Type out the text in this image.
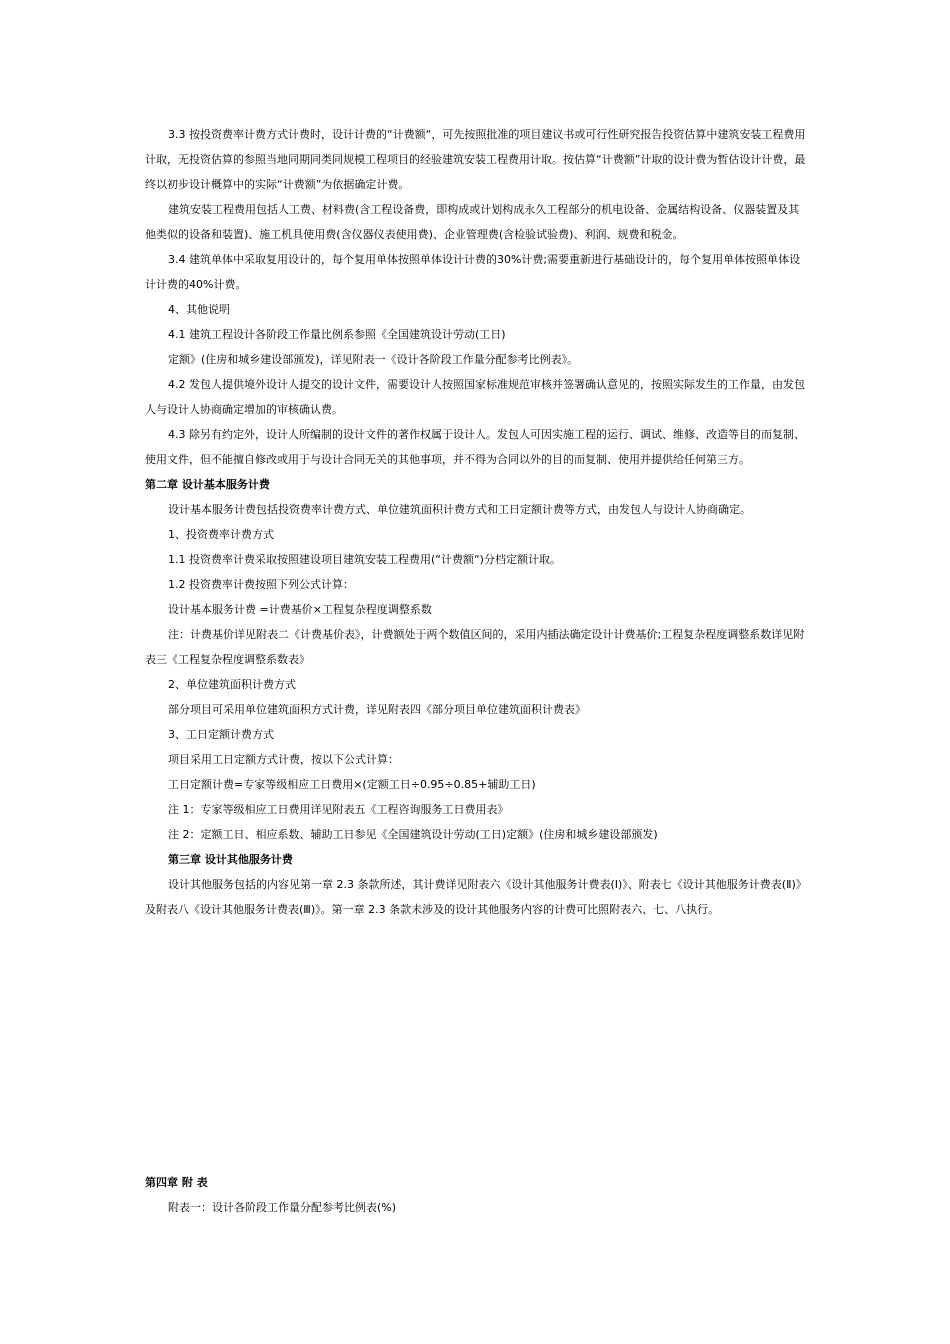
3.3 按投资费率计费方式计费时，设计计费的“计费额“，可先按照批准的项目建议书或可行性研究报告投资估算中建筑安装工程费用计取，无投资估算的参照当地同期同类同规模工程项目的经验建筑安装工程费用计取。按估算“计费额”计取的设计费为暂估设计计费，最终以初步设计概算中的实际“计费额”为依据确定计费。

建筑安装工程费用包括人工费、材料费(含工程设备费，即构成或计划构成永久工程部分的机电设备、金属结构设备、仪器装置及其他类似的设备和装置)、施工机具使用费(含仪器仪表使用费)、企业管理费(含检验试验费)、利润、规费和税金。

3.4 建筑单体中采取复用设计的，每个复用单体按照单体设计计费的30%计费;需要重新进行基础设计的，每个复用单体按照单体设计计费的40%计费。

4、其他说明

4.1 建筑工程设计各阶段工作量比例系参照《全国建筑设计劳动(工日)

定额》(住房和城乡建设部颁发)，详见附表一《设计各阶段工作量分配参考比例表》。

4.2 发包人提供境外设计人提交的设计文件，需要设计人按照国家标准规范审核并签署确认意见的，按照实际发生的工作量，由发包人与设计人协商确定增加的审核确认费。

4.3 除另有约定外，设计人所编制的设计文件的著作权属于设计人。发包人可因实施工程的运行、调试、维修、改造等目的而复制、使用文件，但不能擅自修改或用于与设计合同无关的其他事项，并不得为合同以外的目的而复制、使用并提供给任何第三方。

第二章 设计基本服务计费

设计基本服务计费包括投资费率计费方式、单位建筑面积计费方式和工日定额计费等方式，由发包人与设计人协商确定。

1、投资费率计费方式

1.1 投资费率计费采取按照建设项目建筑安装工程费用(“计费额“)分档定额计取。

1.2 投资费率计费按照下列公式计算：

设计基本服务计费 =计费基价×工程复杂程度调整系数

注：计费基价详见附表二《计费基价表》，计费额处于两个数值区间的，采用内插法确定设计计费基价;工程复杂程度调整系数详见附表三《工程复杂程度调整系数表》

2、单位建筑面积计费方式

部分项目可采用单位建筑面积方式计费，详见附表四《部分项目单位建筑面积计费表》

3、工日定额计费方式

项目采用工日定额方式计费，按以下公式计算：

工日定额计费=专家等级相应工日费用×(定额工日÷0.95÷0.85+辅助工日)

注 1：专家等级相应工日费用详见附表五《工程咨询服务工日费用表》

注 2：定额工日、相应系数、辅助工日参见《全国建筑设计劳动(工日)定额》(住房和城乡建设部颁发)

第三章 设计其他服务计费

设计其他服务包括的内容见第一章 2.3 条款所述，其计费详见附表六《设计其他服务计费表(Ⅰ)》、附表七《设计其他服务计费表(Ⅱ)》及附表八《设计其他服务计费表(Ⅲ)》。第一章 2.3 条款未涉及的设计其他服务内容的计费可比照附表六、七、八执行。

第四章 附 表

附表一：设计各阶段工作量分配参考比例表(%)
